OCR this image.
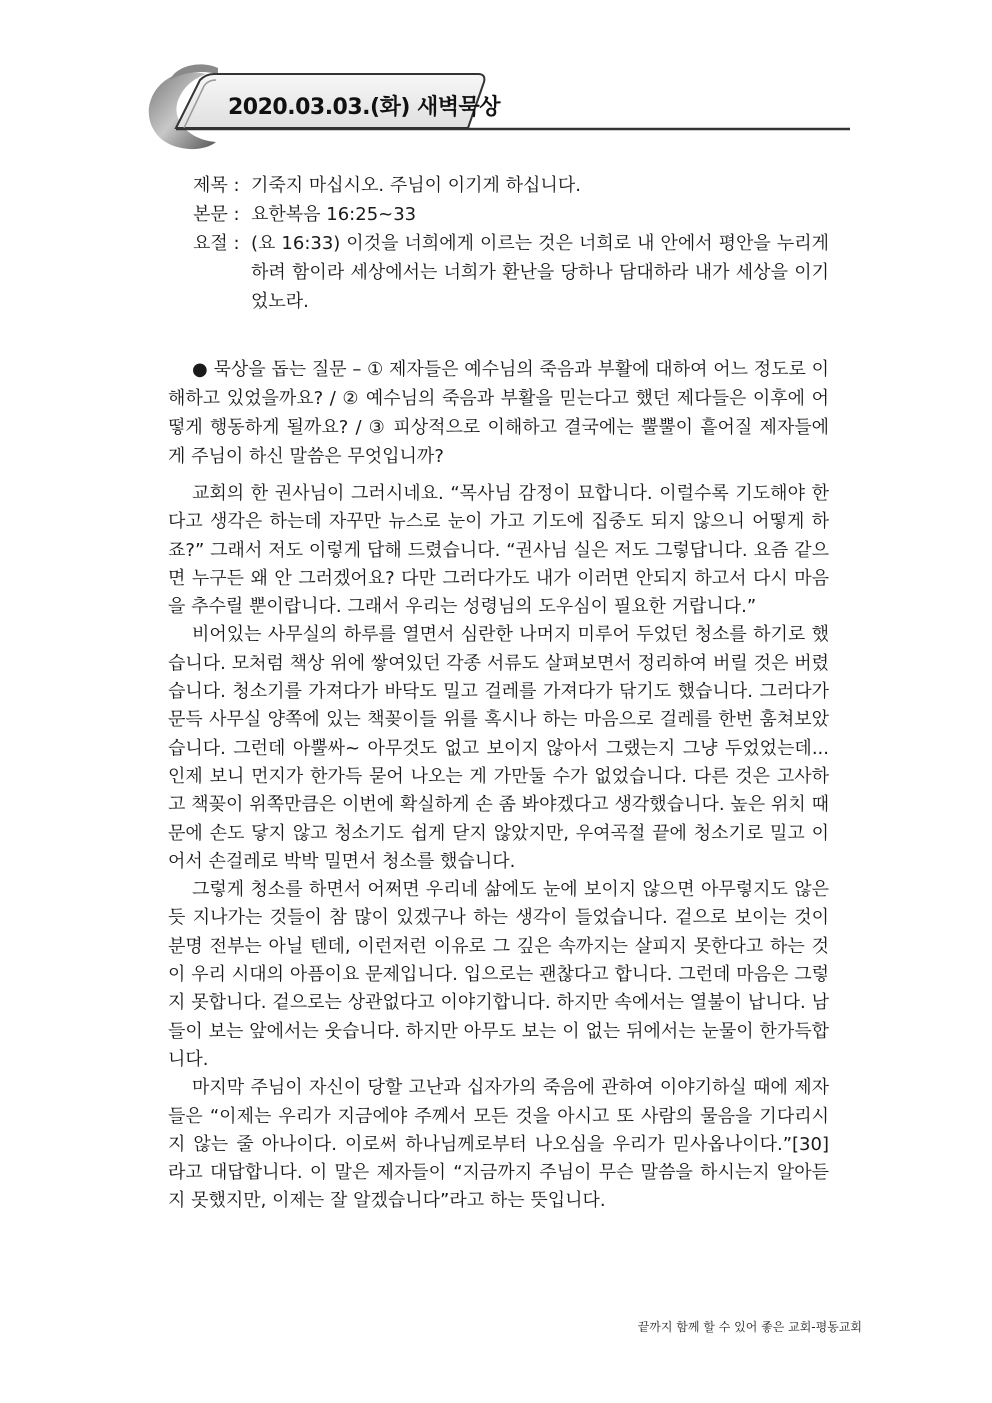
2020.03.03.(화) 새벽묵상
제목 : 기죽지 마십시오. 주님이 이기게 하십니다.
본문 : 요한복음 16:25~33
요절 : (요 16:33) 이것을 너희에게 이르는 것은 너희로 내 안에서 평안을 누리게 하려 함이라 세상에서는 너희가 환난을 당하나 담대하라 내가 세상을 이기었노라.

● 묵상을 돕는 질문 – ① 제자들은 예수님의 죽음과 부활에 대하여 어느 정도로 이해하고 있었을까요? / ② 예수님의 죽음과 부활을 믿는다고 했던 제다들은 이후에 어떻게 행동하게 될까요? / ③ 피상적으로 이해하고 결국에는 뿔뿔이 흩어질 제자들에게 주님이 하신 말씀은 무엇입니까?

교회의 한 권사님이 그러시네요. “목사님 감정이 묘합니다. 이럴수록 기도해야 한다고 생각은 하는데 자꾸만 뉴스로 눈이 가고 기도에 집중도 되지 않으니 어떻게 하죠?” 그래서 저도 이렇게 답해 드렸습니다. “권사님 실은 저도 그렇답니다. 요즘 같으면 누구든 왜 안 그러겠어요? 다만 그러다가도 내가 이러면 안되지 하고서 다시 마음을 추수릴 뿐이랍니다. 그래서 우리는 성령님의 도우심이 필요한 거랍니다.”

비어있는 사무실의 하루를 열면서 심란한 나머지 미루어 두었던 청소를 하기로 했습니다. 모처럼 책상 위에 쌓여있던 각종 서류도 살펴보면서 정리하여 버릴 것은 버렸습니다. 청소기를 가져다가 바닥도 밀고 걸레를 가져다가 닦기도 했습니다. 그러다가 문득 사무실 양쪽에 있는 책꽂이들 위를 혹시나 하는 마음으로 걸레를 한번 훔쳐보았습니다. 그런데 아뿔싸~ 아무것도 없고 보이지 않아서 그랬는지 그냥 두었었는데... 인제 보니 먼지가 한가득 묻어 나오는 게 가만둘 수가 없었습니다. 다른 것은 고사하고 책꽂이 위쪽만큼은 이번에 확실하게 손 좀 봐야겠다고 생각했습니다. 높은 위치 때문에 손도 닿지 않고 청소기도 쉽게 닫지 않았지만, 우여곡절 끝에 청소기로 밀고 이어서 손걸레로 박박 밀면서 청소를 했습니다.

그렇게 청소를 하면서 어쩌면 우리네 삶에도 눈에 보이지 않으면 아무렇지도 않은 듯 지나가는 것들이 참 많이 있겠구나 하는 생각이 들었습니다. 겉으로 보이는 것이 분명 전부는 아닐 텐데, 이런저런 이유로 그 깊은 속까지는 살피지 못한다고 하는 것이 우리 시대의 아픔이요 문제입니다. 입으로는 괜찮다고 합니다. 그런데 마음은 그렇지 못합니다. 겉으로는 상관없다고 이야기합니다. 하지만 속에서는 열불이 납니다. 남들이 보는 앞에서는 웃습니다. 하지만 아무도 보는 이 없는 뒤에서는 눈물이 한가득합니다.

마지막 주님이 자신이 당할 고난과 십자가의 죽음에 관하여 이야기하실 때에 제자들은 “이제는 우리가 지금에야 주께서 모든 것을 아시고 또 사람의 물음을 기다리시지 않는 줄 아나이다. 이로써 하나님께로부터 나오심을 우리가 믿사옵나이다.”[30] 라고 대답합니다. 이 말은 제자들이 “지금까지 주님이 무슨 말씀을 하시는지 알아듣지 못했지만, 이제는 잘 알겠습니다”라고 하는 뜻입니다.

끝까지 함께 할 수 있어 좋은 교회-평동교회
